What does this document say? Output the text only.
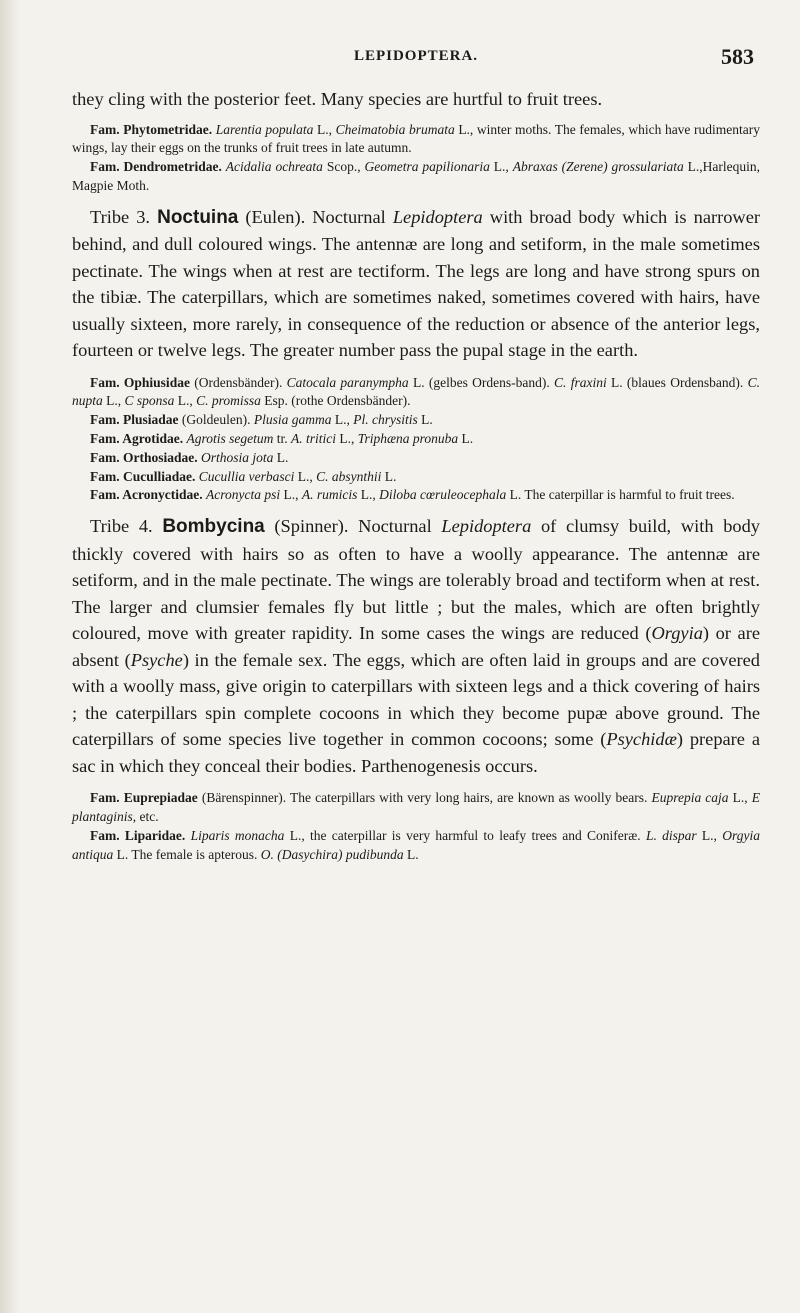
LEPIDOPTERA.	583

they cling with the posterior feet. Many species are hurtful to fruit trees.

Fam. Phytometridae. Larentia populata L., Cheimatobia brumata L., winter moths. The females, which have rudimentary wings, lay their eggs on the trunks of fruit trees in late autumn.

Fam. Dendrometridae. Acidalia ochreata Scop., Geometra papilionaria L., Abraxas (Zerene) grossulariata L.,Harlequin, Magpie Moth.

Tribe 3. Noctuina (Eulen). Nocturnal Lepidoptera with broad body which is narrower behind, and dull coloured wings. The antennæ are long and setiform, in the male sometimes pectinate. The wings when at rest are tectiform. The legs are long and have strong spurs on the tibiæ. The caterpillars, which are sometimes naked, sometimes covered with hairs, have usually sixteen, more rarely, in consequence of the reduction or absence of the anterior legs, fourteen or twelve legs. The greater number pass the pupal stage in the earth.

Fam. Ophiusidae (Ordensbänder). Catocala paranympha L. (gelbes Ordens-band). C. fraxini L. (blaues Ordensband). C. nupta L., C sponsa L., C. promissa Esp. (rothe Ordensbänder).

Fam. Plusiadae (Goldeulen). Plusia gamma L., Pl. chrysitis L.

Fam. Agrotidae. Agrotis segetum tr. A. tritici L., Triphæna pronuba L.

Fam. Orthosiadae. Orthosia jota L.

Fam. Cuculliadae. Cucullia verbasci L., C. absynthii L.

Fam. Acronyctidae. Acronycta psi L., A. rumicis L., Diloba cœruleocephala L. The caterpillar is harmful to fruit trees.

Tribe 4. Bombycina (Spinner). Nocturnal Lepidoptera of clumsy build, with body thickly covered with hairs so as often to have a woolly appearance. The antennæ are setiform, and in the male pectinate. The wings are tolerably broad and tectiform when at rest. The larger and clumsier females fly but little ; but the males, which are often brightly coloured, move with greater rapidity. In some cases the wings are reduced (Orgyia) or are absent (Psyche) in the female sex. The eggs, which are often laid in groups and are covered with a woolly mass, give origin to caterpillars with sixteen legs and a thick covering of hairs ; the caterpillars spin complete cocoons in which they become pupæ above ground. The caterpillars of some species live together in common cocoons; some (Psychidæ) prepare a sac in which they conceal their bodies. Parthenogenesis occurs.

Fam. Euprepiadae (Bärenspinner). The caterpillars with very long hairs, are known as woolly bears. Euprepia caja L., E plantaginis, etc.

Fam. Liparidae. Liparis monacha L., the caterpillar is very harmful to leafy trees and Coniferæ. L. dispar L., Orgyia antiqua L. The female is apterous. O. (Dasychira) pudibunda L.
